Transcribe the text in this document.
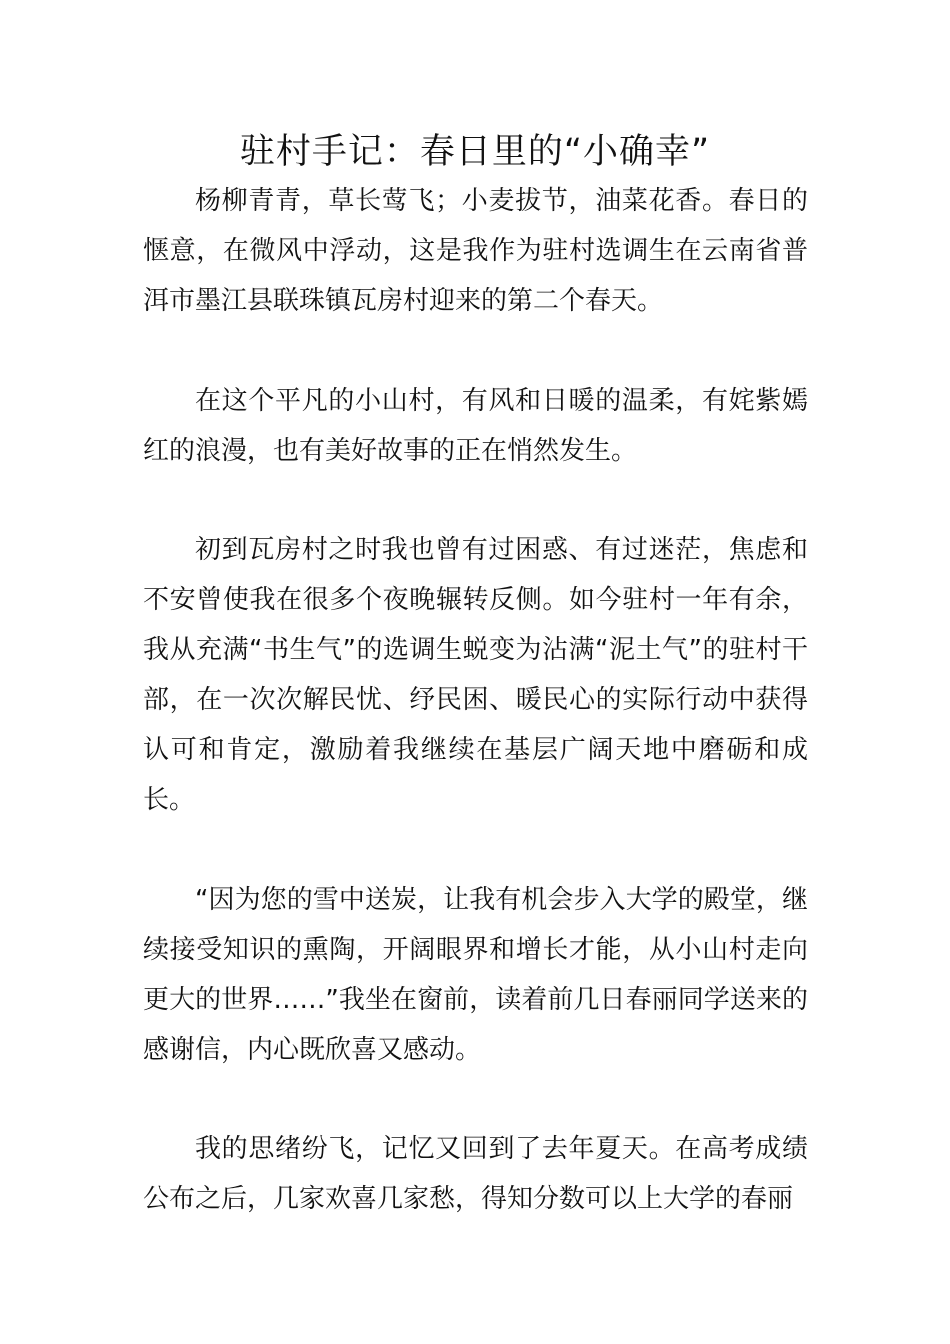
驻村手记：春日里的“小确幸”

杨柳青青，草长莺飞；小麦拔节，油菜花香。春日的惬意，在微风中浮动，这是我作为驻村选调生在云南省普洱市墨江县联珠镇瓦房村迎来的第二个春天。

在这个平凡的小山村，有风和日暖的温柔，有姹紫嫣红的浪漫，也有美好故事的正在悄然发生。

初到瓦房村之时我也曾有过困惑、有过迷茫，焦虑和不安曾使我在很多个夜晚辗转反侧。如今驻村一年有余，我从充满“书生气”的选调生蜕变为沾满“泥土气”的驻村干部，在一次次解民忧、纾民困、暖民心的实际行动中获得认可和肯定，激励着我继续在基层广阔天地中磨砺和成长。

“因为您的雪中送炭，让我有机会步入大学的殿堂，继续接受知识的熏陶，开阔眼界和增长才能，从小山村走向更大的世界……”我坐在窗前，读着前几日春丽同学送来的感谢信，内心既欣喜又感动。

我的思绪纷飞，记忆又回到了去年夏天。在高考成绩公布之后，几家欢喜几家愁，得知分数可以上大学的春丽
